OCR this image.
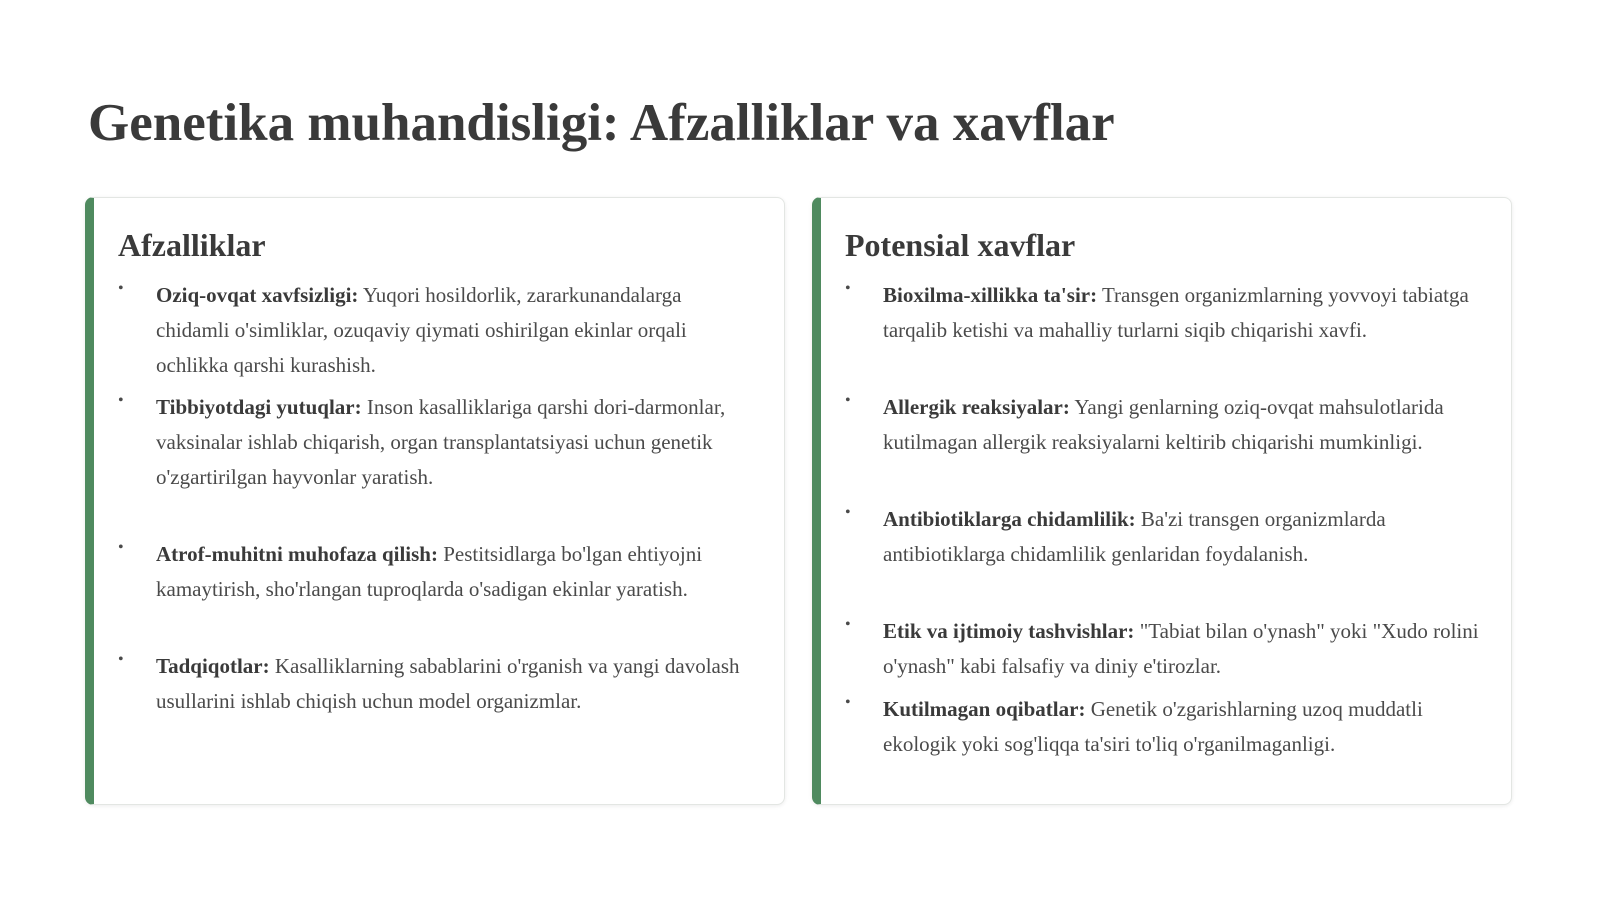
Genetika muhandisligi: Afzalliklar va xavflar
Afzalliklar
• Oziq-ovqat xavfsizligi: Yuqori hosildorlik, zararkunandalarga chidamli o'simliklar, ozuqaviy qiymati oshirilgan ekinlar orqali ochlikka qarshi kurashish.
• Tibbiyotdagi yutuqlar: Inson kasalliklariga qarshi dori-darmonlar, vaksinalar ishlab chiqarish, organ transplantatsiyasi uchun genetik o'zgartirilgan hayvonlar yaratish.
• Atrof-muhitni muhofaza qilish: Pestitsidlarga bo'lgan ehtiyojni kamaytirish, sho'rlangan tuproqlarda o'sadigan ekinlar yaratish.
• Tadqiqotlar: Kasalliklarning sabablarini o'rganish va yangi davolash usullarini ishlab chiqish uchun model organizmlar.
Potensial xavflar
• Bioxilma-xillikka ta'sir: Transgen organizmlarning yovvoyi tabiatga tarqalib ketishi va mahalliy turlarni siqib chiqarishi xavfi.
• Allergik reaksiyalar: Yangi genlarning oziq-ovqat mahsulotlarida kutilmagan allergik reaksiyalarni keltirib chiqarishi mumkinligi.
• Antibiotiklarga chidamlilik: Ba'zi transgen organizmlarda antibiotiklarga chidamlilik genlaridan foydalanish.
• Etik va ijtimoiy tashvishlar: "Tabiat bilan o'ynash" yoki "Xudo rolini o'ynash" kabi falsafiy va diniy e'tirozlar.
• Kutilmagan oqibatlar: Genetik o'zgarishlarning uzoq muddatli ekologik yoki sog'liqqa ta'siri to'liq o'rganilmaganligi.
